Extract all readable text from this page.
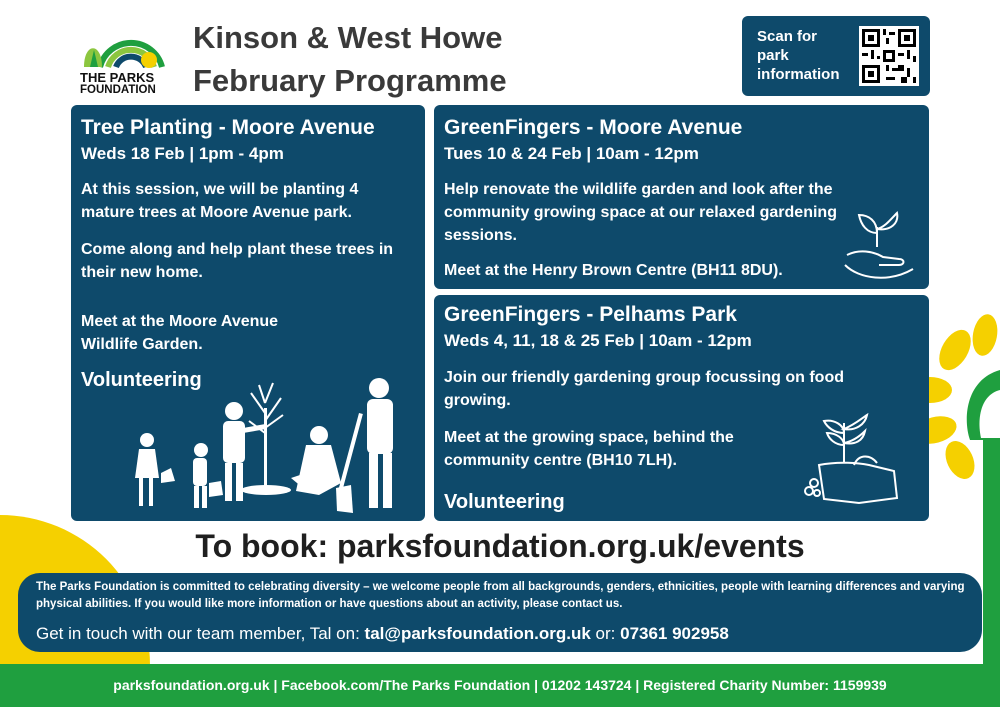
THE PARKS
FOUNDATION
Kinson & West Howe
February Programme
Scan for park information
Tree Planting - Moore Avenue
Weds 18 Feb | 1pm - 4pm
At this session, we will be planting 4 mature trees at Moore Avenue park.
Come along and help plant these trees in their new home.
Meet at the Moore Avenue Wildlife Garden.
Volunteering
GreenFingers - Moore Avenue
Tues 10 & 24 Feb | 10am - 12pm
Help renovate the wildlife garden and look after the community growing space at our relaxed gardening sessions.
Meet at the Henry Brown Centre (BH11 8DU).
GreenFingers - Pelhams Park
Weds 4, 11, 18 & 25 Feb | 10am - 12pm
Join our friendly gardening group focussing on food growing.
Meet at the growing space, behind the community centre (BH10 7LH).
Volunteering
To book: parksfoundation.org.uk/events
The Parks Foundation is committed to celebrating diversity – we welcome people from all backgrounds, genders, ethnicities, people with learning differences and varying physical abilities. If you would like more information or have questions about an activity, please contact us.
Get in touch with our team member, Tal on: tal@parksfoundation.org.uk or: 07361 902958
parksfoundation.org.uk | Facebook.com/The Parks Foundation | 01202 143724 | Registered Charity Number: 1159939
